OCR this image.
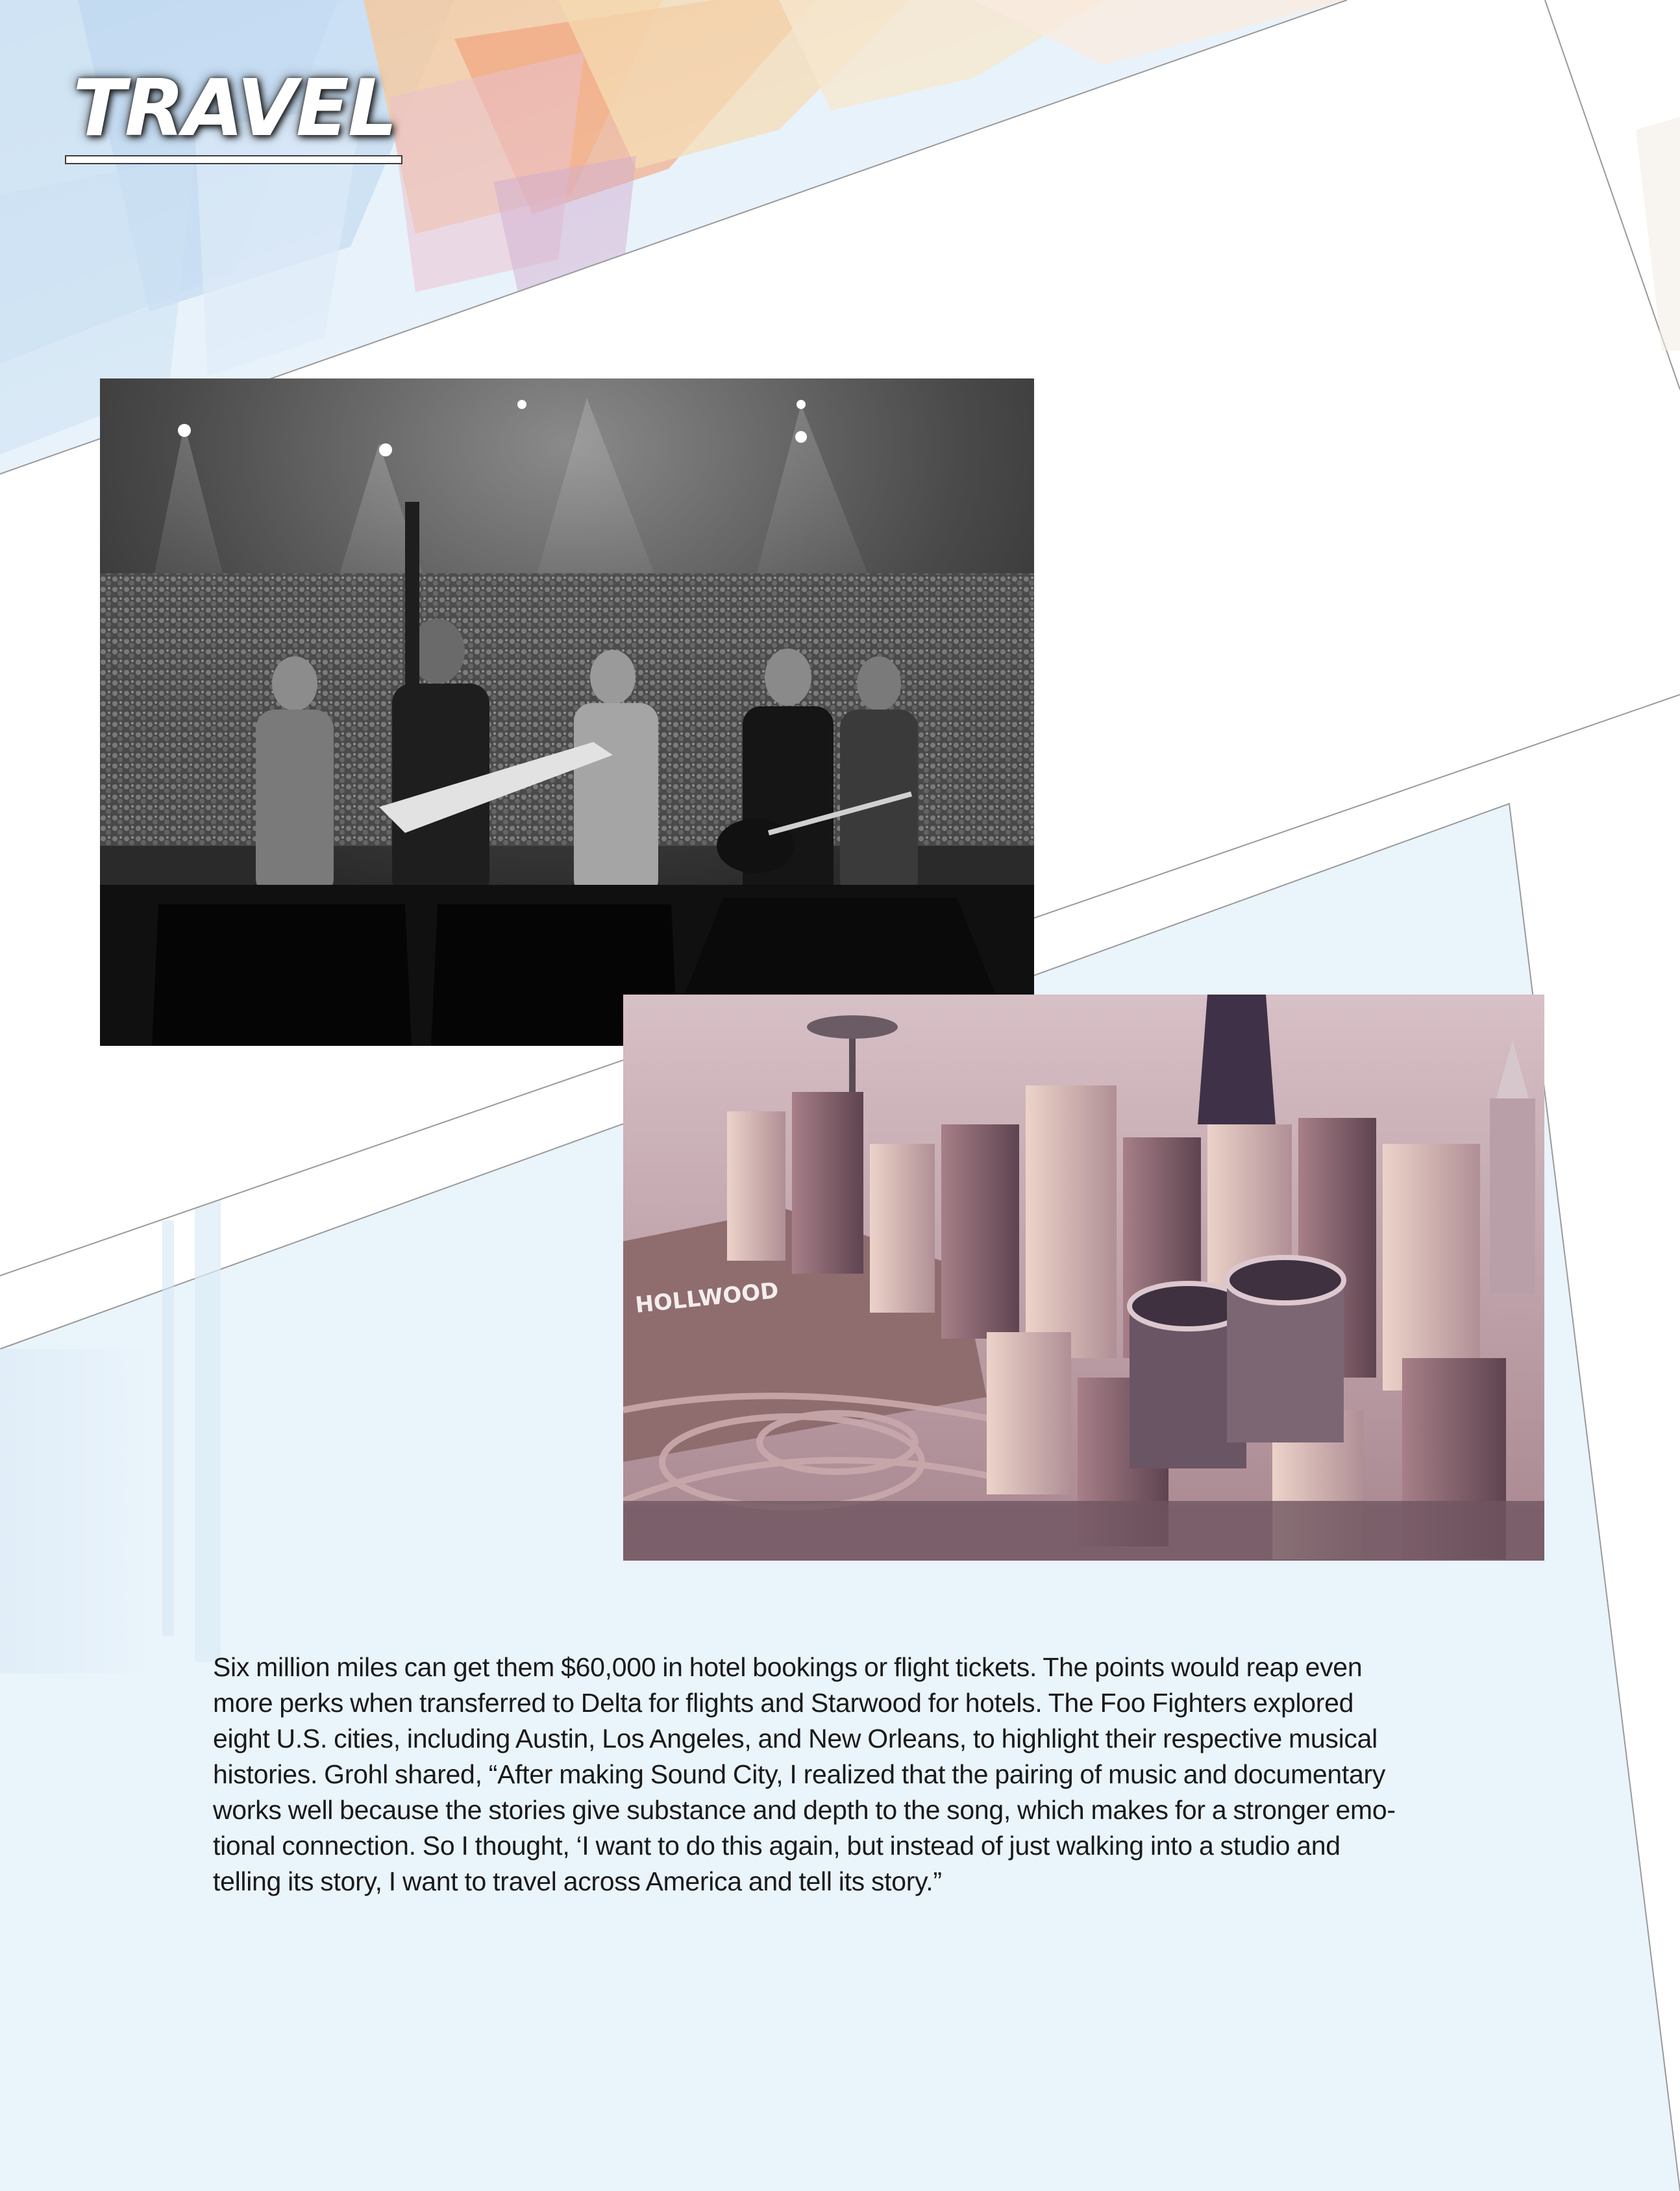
TRAVEL
HOLLWOOD
Six million miles can get them $60,000 in hotel bookings or flight tickets. The points would reap even
more perks when transferred to Delta for flights and Starwood for hotels. The Foo Fighters explored
eight U.S. cities, including Austin, Los Angeles, and New Orleans, to highlight their respective musical
histories. Grohl shared, “After making Sound City, I realized that the pairing of music and documentary
works well because the stories give substance and depth to the song, which makes for a stronger emo-
tional connection. So I thought, ‘I want to do this again, but instead of just walking into a studio and
telling its story, I want to travel across America and tell its story.”
